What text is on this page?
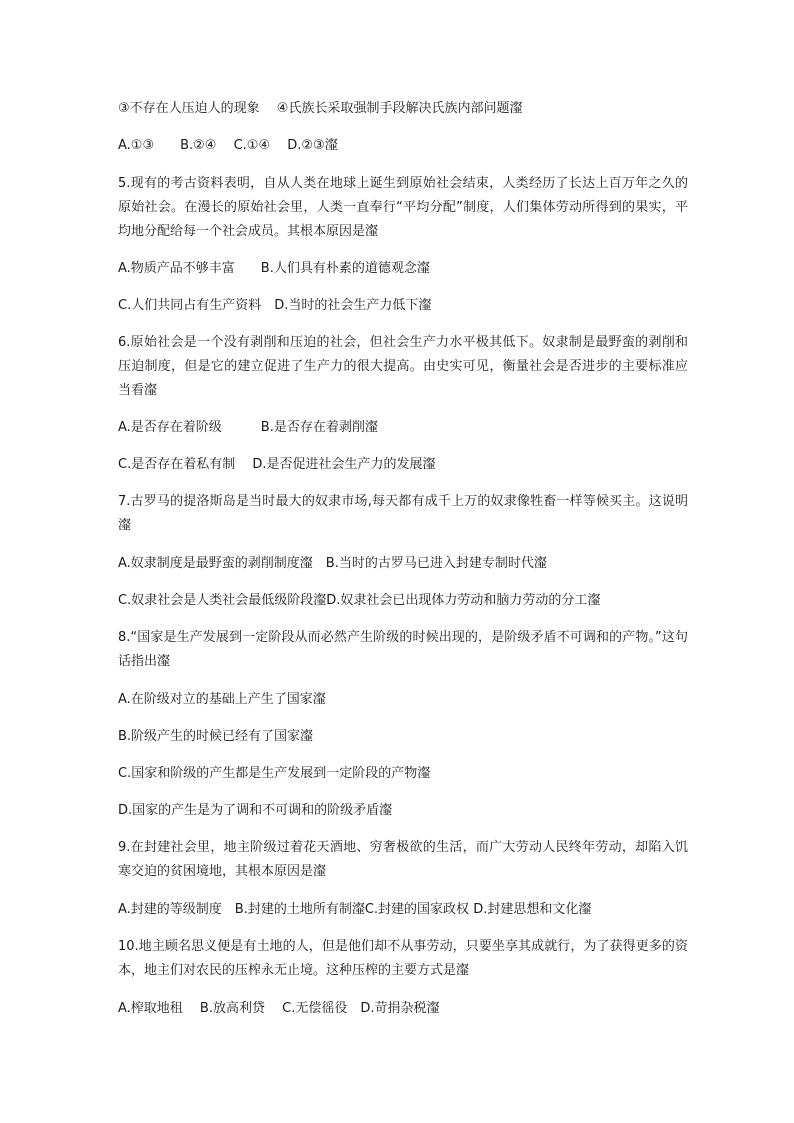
③不存在人压迫人的现象　 ④氏族长采取强制手段解决氏族内部问题瀣
A.①③　　B.②④　 C.①④　 D.②③瀣
5.现有的考古资料表明，自从人类在地球上诞生到原始社会结束，人类经历了长达上百万年之久的原始社会。在漫长的原始社会里，人类一直奉行“平均分配”制度，人们集体劳动所得到的果实，平均地分配给每一个社会成员。其根本原因是瀣
A.物质产品不够丰富　　B.人们具有朴素的道德观念瀣
C.人们共同占有生产资料　D.当时的社会生产力低下瀣
6.原始社会是一个没有剥削和压迫的社会，但社会生产力水平极其低下。奴隶制是最野蛮的剥削和压迫制度，但是它的建立促进了生产力的很大提高。由史实可见，衡量社会是否进步的主要标准应当看瀣
A.是否存在着阶级　　　B.是否存在着剥削瀣
C.是否存在着私有制　 D.是否促进社会生产力的发展瀣
7.古罗马的提洛斯岛是当时最大的奴隶市场,每天都有成千上万的奴隶像牲畜一样等候买主。这说明瀣
A.奴隶制度是最野蛮的剥削制度瀣　B.当时的古罗马已进入封建专制时代瀣
C.奴隶社会是人类社会最低级阶段瀣D.奴隶社会已出现体力劳动和脑力劳动的分工瀣
8.“国家是生产发展到一定阶段从而必然产生阶级的时候出现的，是阶级矛盾不可调和的产物。”这句话指出瀣
A.在阶级对立的基础上产生了国家瀣
B.阶级产生的时候已经有了国家瀣
C.国家和阶级的产生都是生产发展到一定阶段的产物瀣
D.国家的产生是为了调和不可调和的阶级矛盾瀣
9.在封建社会里，地主阶级过着花天酒地、穷奢极欲的生活，而广大劳动人民终年劳动，却陷入饥寒交迫的贫困境地，其根本原因是瀣
A.封建的等级制度　B.封建的土地所有制瀣C.封建的国家政权 D.封建思想和文化瀣
10.地主顾名思义便是有土地的人，但是他们却不从事劳动，只要坐享其成就行，为了获得更多的资本，地主们对农民的压榨永无止境。这种压榨的主要方式是瀣
A.榨取地租　 B.放高利贷　 C.无偿徭役　D.苛捐杂税瀣
